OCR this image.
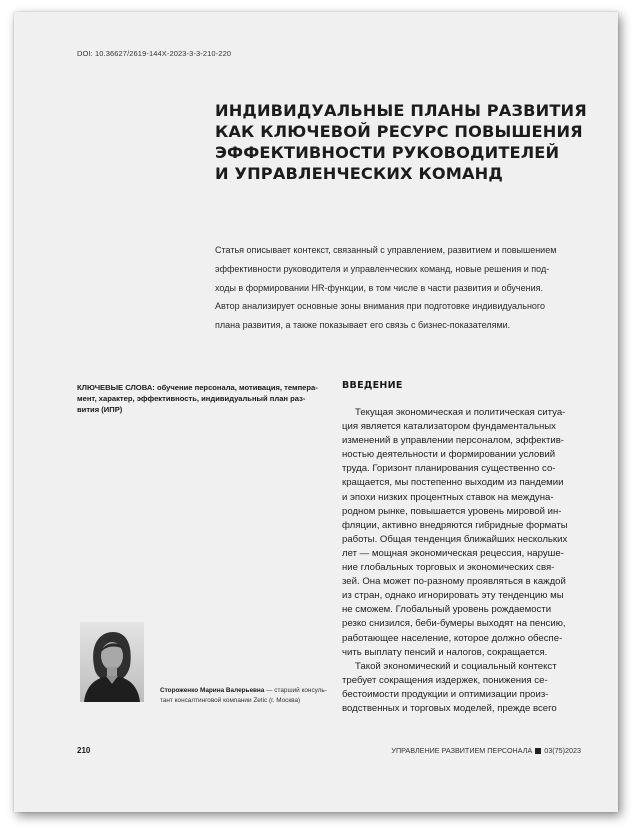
DOI: 10.36627/2619-144X-2023-3-3-210-220
ИНДИВИДУАЛЬНЫЕ ПЛАНЫ РАЗВИТИЯ
КАК КЛЮЧЕВОЙ РЕСУРС ПОВЫШЕНИЯ
ЭФФЕКТИВНОСТИ РУКОВОДИТЕЛЕЙ
И УПРАВЛЕНЧЕСКИХ КОМАНД
Статья описывает контекст, связанный с управлением, развитием и повышением
эффективности руководителя и управленческих команд, новые решения и под-
ходы в формировании HR-функции, в том числе в части развития и обучения.
Автор анализирует основные зоны внимания при подготовке индивидуального
плана развития, а также показывает его связь с бизнес-показателями.
КЛЮЧЕВЫЕ СЛОВА: обучение персонала, мотивация, темпера-
мент, характер, эффективность, индивидуальный план раз-
вития (ИПР)
ВВЕДЕНИЕ
Текущая экономическая и политическая ситуа-
ция является катализатором фундаментальных
изменений в управлении персоналом, эффектив-
ностью деятельности и формировании условий
труда. Горизонт планирования существенно со-
кращается, мы постепенно выходим из пандемии
и эпохи низких процентных ставок на междуна-
родном рынке, повышается уровень мировой ин-
фляции, активно внедряются гибридные форматы
работы. Общая тенденция ближайших нескольких
лет — мощная экономическая рецессия, наруше-
ние глобальных торговых и экономических свя-
зей. Она может по-разному проявляться в каждой
из стран, однако игнорировать эту тенденцию мы
не сможем. Глобальный уровень рождаемости
резко снизился, беби-бумеры выходят на пенсию,
работающее население, которое должно обеспе-
чить выплату пенсий и налогов, сокращается.
Такой экономический и социальный контекст
требует сокращения издержек, понижения се-
бестоимости продукции и оптимизации произ-
водственных и торговых моделей, прежде всего
Стороженко Марина Валерьевна — старший консуль-
тант консалтинговой компании Zetic (г. Москва)
210	УПРАВЛЕНИЕ РАЗВИТИЕМ ПЕРСОНАЛА 03(75)2023
